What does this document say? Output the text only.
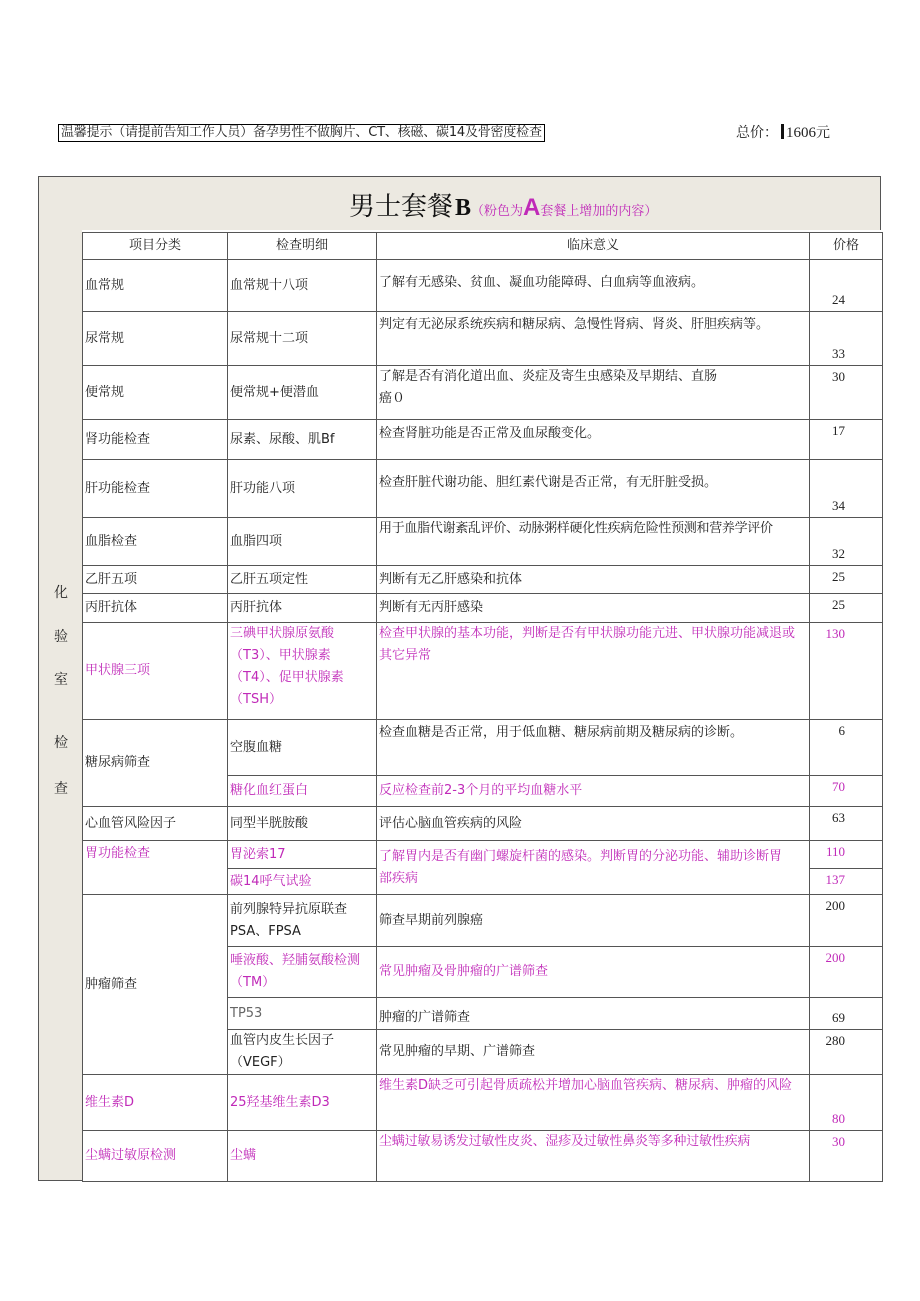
温馨提示（请提前告知工作人员）备孕男性不做胸片、CT、核磁、碳14及骨密度检查	总价： 1606元
男士套餐B（粉色为A套餐上增加的内容）
化
验
室
检
查
项目分类	检查明细	临床意义	价格
血常规	血常规十八项	了解有无感染、贫血、凝血功能障碍、白血病等血液病。	24
尿常规	尿常规十二项	判定有无泌尿系统疾病和糖尿病、急慢性肾病、肾炎、肝胆疾病等。	33
便常规	便常规+便潜血	了解是否有消化道出血、炎症及寄生虫感染及早期结、直肠癌０	30
肾功能检查	尿素、尿酸、肌Bf	检查肾脏功能是否正常及血尿酸变化。	17
肝功能检查	肝功能八项	检查肝脏代谢功能、胆红素代谢是否正常，有无肝脏受损。	34
血脂检查	血脂四项	用于血脂代谢紊乱评价、动脉粥样硬化性疾病危险性预测和营养学评价	32
乙肝五项	乙肝五项定性	判断有无乙肝感染和抗体	25
丙肝抗体	丙肝抗体	判断有无丙肝感染	25
甲状腺三项	三碘甲状腺原氨酸（T3）、甲状腺素（T4）、促甲状腺素（TSH）	检查甲状腺的基本功能，判断是否有甲状腺功能亢进、甲状腺功能减退或其它异常	130
糖尿病筛查	空腹血糖	检查血糖是否正常，用于低血糖、糖尿病前期及糖尿病的诊断。	6
	糖化血红蛋白	反应检查前2-3个月的平均血糖水平	70
心血管风险因子	同型半胱胺酸	评估心脑血管疾病的风险	63
胃功能检查	胃泌索17	了解胃内是否有幽门螺旋杆菌的感染。判断胃的分泌功能、辅助诊断胃部疾病	110
	碳14呼气试验		137
肿瘤筛查	前列腺特异抗原联查PSA、FPSA	筛查早期前列腺癌	200
	唾液酸、羟脯氨酸检测（TM）	常见肿瘤及骨肿瘤的广谱筛查	200
	TP53	肿瘤的广谱筛查	69
	血管内皮生长因子（VEGF）	常见肿瘤的早期、广谱筛查	280
维生素D	25羟基维生素D3	维生素D缺乏可引起骨质疏松并增加心脑血管疾病、糖尿病、肿瘤的风险	80
尘螨过敏原检测	尘螨	尘螨过敏易诱发过敏性皮炎、湿疹及过敏性鼻炎等多种过敏性疾病	30
